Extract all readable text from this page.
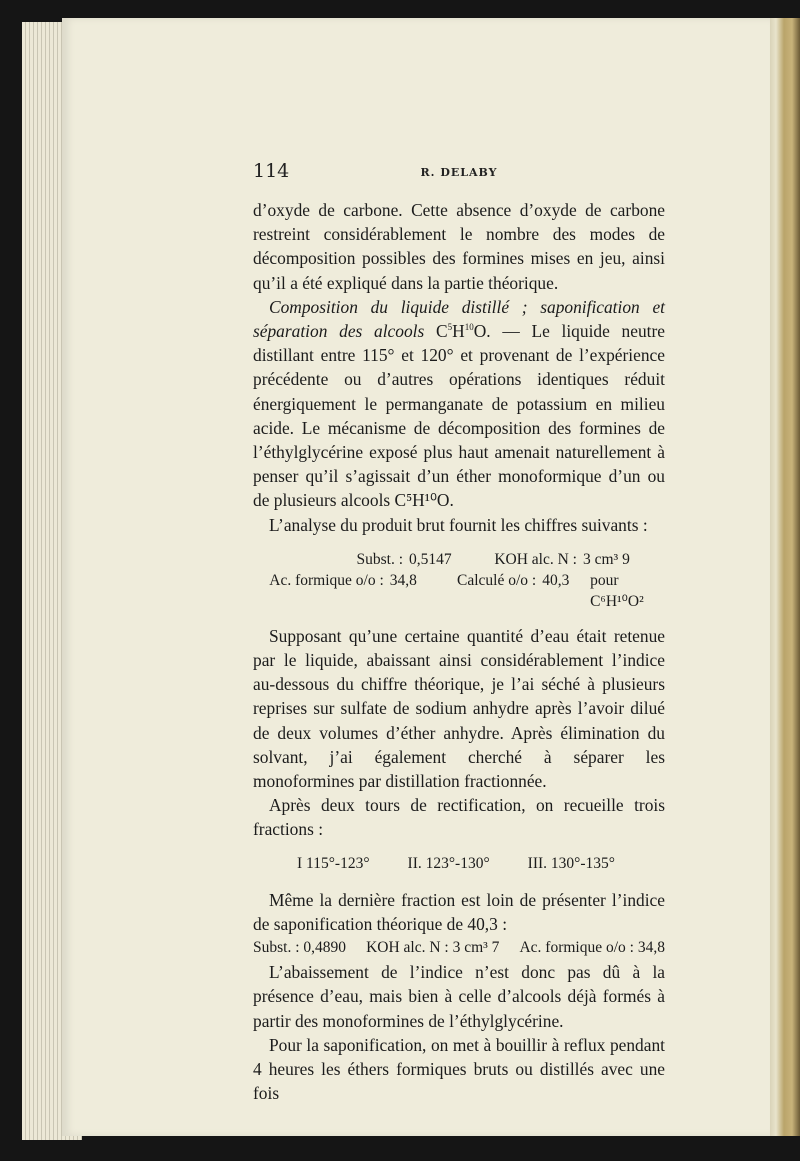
114	R. DELABY

d’oxyde de carbone. Cette absence d’oxyde de carbone restreint considérablement le nombre des modes de décomposition possibles des formines mises en jeu, ainsi qu’il a été expliqué dans la partie théorique.

Composition du liquide distillé ; saponification et séparation des alcools $C^5H^{10}O$. — Le liquide neutre distillant entre 115° et 120° et provenant de l’expérience précédente ou d’autres opérations identiques réduit énergiquement le permanganate de potassium en milieu acide. Le mécanisme de décomposition des formines de l’éthylglycérine exposé plus haut amenait naturellement à penser qu’il s’agissait d’un éther monoformique d’un ou de plusieurs alcools C⁵H¹⁰O.

L’analyse du produit brut fournit les chiffres suivants :

Subst. : 0,5147	KOH alc. N : 3 cm³ 9
Ac. formique o/o : 34,8	Calculé o/o : 40,3	pour C⁶H¹⁰O²

Supposant qu’une certaine quantité d’eau était retenue par le liquide, abaissant ainsi considérablement l’indice au-dessous du chiffre théorique, je l’ai séché à plusieurs reprises sur sulfate de sodium anhydre après l’avoir dilué de deux volumes d’éther anhydre. Après élimination du solvant, j’ai également cherché à séparer les monoformines par distillation fractionnée.

Après deux tours de rectification, on recueille trois fractions :

I 115°-123° II. 123°-130° III. 130°-135°

Même la dernière fraction est loin de présenter l’indice de saponification théorique de 40,3 :

Subst. : 0,4890 KOH alc. N : 3 cm³ 7 Ac. formique o/o : 34,8

L’abaissement de l’indice n’est donc pas dû à la présence d’eau, mais bien à celle d’alcools déjà formés à partir des monoformines de l’éthylglycérine.

Pour la saponification, on met à bouillir à reflux pendant 4 heures les éthers formiques bruts ou distillés avec une fois
